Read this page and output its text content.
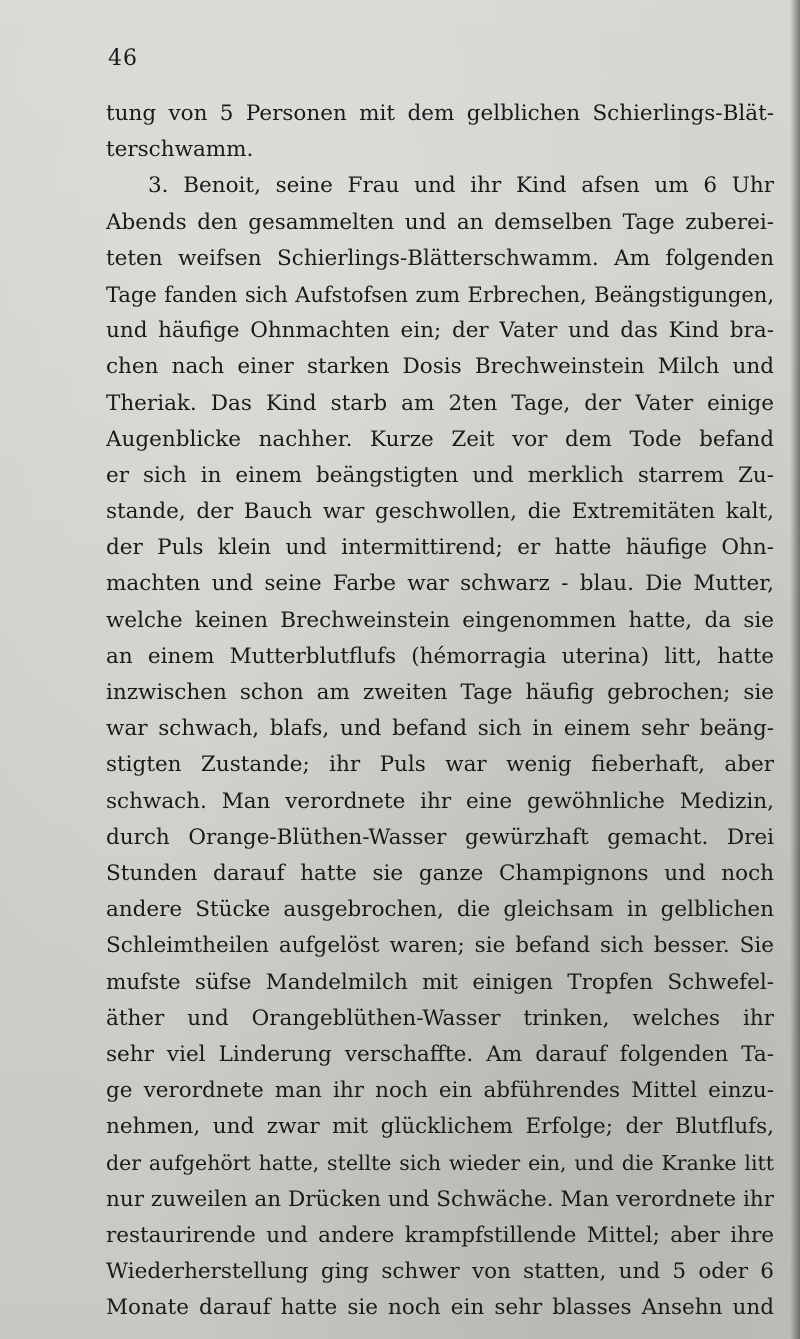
46
tung von 5 Personen mit dem gelblichen Schierlings-Blät-
terschwamm.
3. Benoit, seine Frau und ihr Kind afsen um 6 Uhr
Abends den gesammelten und an demselben Tage zuberei-
teten weifsen Schierlings-Blätterschwamm. Am folgenden
Tage fanden sich Aufstofsen zum Erbrechen, Beängstigungen,
und häufige Ohnmachten ein; der Vater und das Kind bra-
chen nach einer starken Dosis Brechweinstein Milch und
Theriak. Das Kind starb am 2ten Tage, der Vater einige
Augenblicke nachher. Kurze Zeit vor dem Tode befand
er sich in einem beängstigten und merklich starrem Zu-
stande, der Bauch war geschwollen, die Extremitäten kalt,
der Puls klein und intermittirend; er hatte häufige Ohn-
machten und seine Farbe war schwarz - blau. Die Mutter,
welche keinen Brechweinstein eingenommen hatte, da sie
an einem Mutterblutflufs (hémorragia uterina) litt, hatte
inzwischen schon am zweiten Tage häufig gebrochen; sie
war schwach, blafs, und befand sich in einem sehr beäng-
stigten Zustande; ihr Puls war wenig fieberhaft, aber
schwach. Man verordnete ihr eine gewöhnliche Medizin,
durch Orange-Blüthen-Wasser gewürzhaft gemacht. Drei
Stunden darauf hatte sie ganze Champignons und noch
andere Stücke ausgebrochen, die gleichsam in gelblichen
Schleimtheilen aufgelöst waren; sie befand sich besser. Sie
mufste süfse Mandelmilch mit einigen Tropfen Schwefel-
äther und Orangeblüthen-Wasser trinken, welches ihr
sehr viel Linderung verschaffte. Am darauf folgenden Ta-
ge verordnete man ihr noch ein abführendes Mittel einzu-
nehmen, und zwar mit glücklichem Erfolge; der Blutflufs,
der aufgehört hatte, stellte sich wieder ein, und die Kranke litt
nur zuweilen an Drücken und Schwäche. Man verordnete ihr
restaurirende und andere krampfstillende Mittel; aber ihre
Wiederherstellung ging schwer von statten, und 5 oder 6
Monate darauf hatte sie noch ein sehr blasses Ansehn und
